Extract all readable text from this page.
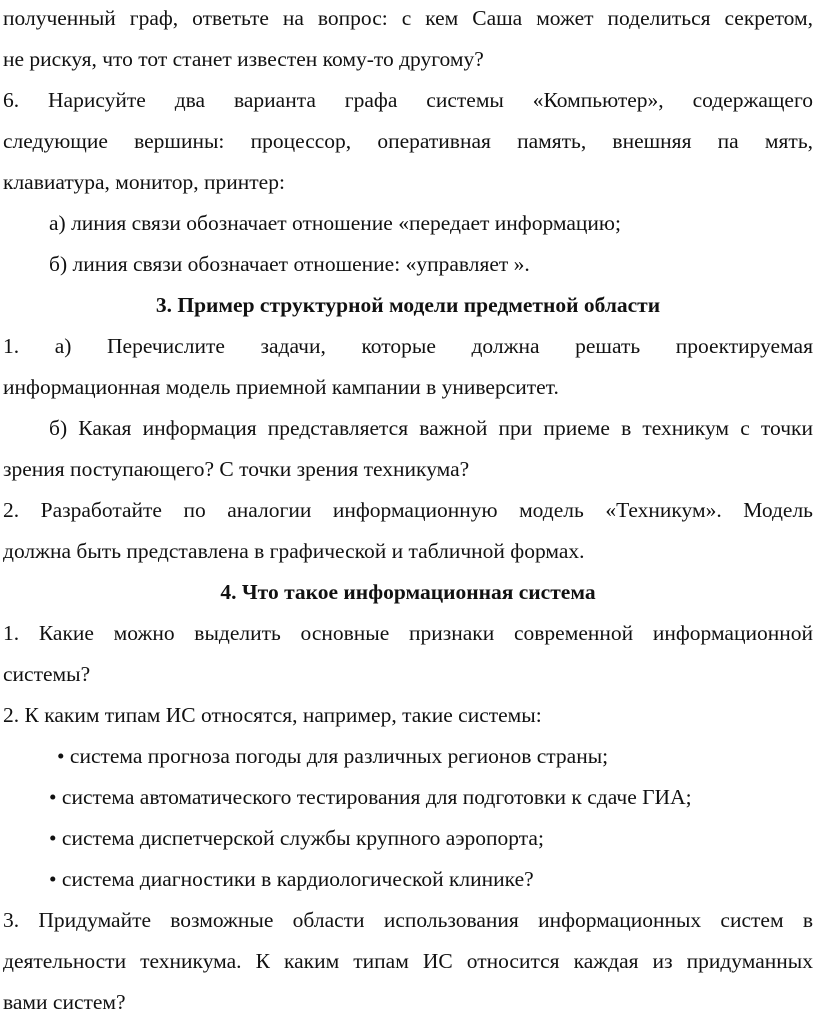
полученный граф, ответьте на вопрос: с кем Саша может поделиться секретом,
не рискуя, что тот станет известен кому-то другому?
6. Нарисуйте два варианта графа системы «Компьютер», содержащего
следующие вершины: процессор, оперативная память, внешняя па мять,
клавиатура, монитор, принтер:
а) линия связи обозначает отношение «передает информацию;
б) линия связи обозначает отношение: «управляет ».
3. Пример структурной модели предметной области
1. а) Перечислите задачи, которые должна решать проектируемая
информационная модель приемной кампании в университет.
б) Какая информация представляется важной при приеме в техникум с точки
зрения поступающего? С точки зрения техникума?
2. Разработайте по аналогии информационную модель «Техникум». Модель
должна быть представлена в графической и табличной формах.
4. Что такое информационная система
1. Какие можно выделить основные признаки современной информационной
системы?
2. К каким типам ИС относятся, например, такие системы:
• система прогноза погоды для различных регионов страны;
• система автоматического тестирования для подготовки к сдаче ГИА;
• система диспетчерской службы крупного аэропорта;
• система диагностики в кардиологической клинике?
3. Придумайте возможные области использования информационных систем в
деятельности техникума. К каким типам ИС относится каждая из придуманных
вами систем?
